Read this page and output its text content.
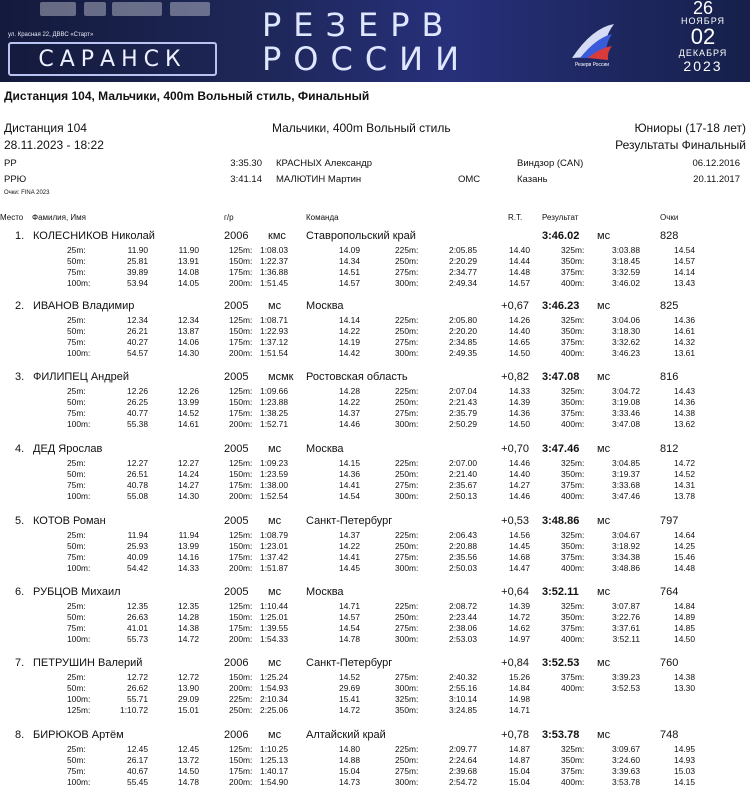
ул. Красная 22, ДВВС «Старт»
САРАНСК
РЕЗЕРВ
РОССИИ	Резерв России
26
НОЯБРЯ
02
ДЕКАБРЯ
2023
Дистанция 104, Мальчики, 400m Вольный стиль, Финальный
Дистанция 104	Мальчики, 400m Вольный стиль	Юниоры (17-18 лет)
28.11.2023 - 18:22	Результаты Финальный
РР	3:35.30 КРАСНЫХ Александр	Виндзор (CAN)	06.12.2016
РРЮ	3:41.14 МАЛЮТИН Мартин	ОМС	Казань	20.11.2017
Очки: FINA 2023
Место Фамилия, Имя	г/р	Команда	R.T. Результат	Очки
1. КОЛЕСНИКОВ Николай	2006 кмс Ставропольский край	3:46.02 мс	828
25m:	11.90	11.90	125m: 1:08.03	14.09	225m:	2:05.85	14.40	325m:	3:03.88	14.54
50m:	25.81	13.91	150m: 1:22.37	14.34	250m:	2:20.29	14.44	350m:	3:18.45	14.57
75m:	39.89	14.08	175m: 1:36.88	14.51	275m:	2:34.77	14.48	375m:	3:32.59	14.14
100m:	53.94	14.05	200m: 1:51.45	14.57	300m:	2:49.34	14.57	400m:	3:46.02	13.43
2. ИВАНОВ Владимир	2005 мс Москва	+0,67 3:46.23 мс	825
25m:	12.34	12.34	125m: 1:08.71	14.14	225m:	2:05.80	14.26	325m:	3:04.06	14.36
50m:	26.21	13.87	150m: 1:22.93	14.22	250m:	2:20.20	14.40	350m:	3:18.30	14.61
75m:	40.27	14.06	175m: 1:37.12	14.19	275m:	2:34.85	14.65	375m:	3:32.62	14.32
100m:	54.57	14.30	200m: 1:51.54	14.42	300m:	2:49.35	14.50	400m:	3:46.23	13.61
3. ФИЛИПЕЦ Андрей	2005 мсмк Ростовская область	+0,82 3:47.08 мс	816
25m:	12.26	12.26	125m: 1:09.66	14.28	225m:	2:07.04	14.33	325m:	3:04.72	14.43
50m:	26.25	13.99	150m: 1:23.88	14.22	250m:	2:21.43	14.39	350m:	3:19.08	14.36
75m:	40.77	14.52	175m: 1:38.25	14.37	275m:	2:35.79	14.36	375m:	3:33.46	14.38
100m:	55.38	14.61	200m: 1:52.71	14.46	300m:	2:50.29	14.50	400m:	3:47.08	13.62
4. ДЕД Ярослав	2005 мс Москва	+0,70 3:47.46 мс	812
25m:	12.27	12.27	125m: 1:09.23	14.15	225m:	2:07.00	14.46	325m:	3:04.85	14.72
50m:	26.51	14.24	150m: 1:23.59	14.36	250m:	2:21.40	14.40	350m:	3:19.37	14.52
75m:	40.78	14.27	175m: 1:38.00	14.41	275m:	2:35.67	14.27	375m:	3:33.68	14.31
100m:	55.08	14.30	200m: 1:52.54	14.54	300m:	2:50.13	14.46	400m:	3:47.46	13.78
5. КОТОВ Роман	2005 мс Санкт-Петербург	+0,53 3:48.86 мс	797
25m:	11.94	11.94	125m: 1:08.79	14.37	225m:	2:06.43	14.56	325m:	3:04.67	14.64
50m:	25.93	13.99	150m: 1:23.01	14.22	250m:	2:20.88	14.45	350m:	3:18.92	14.25
75m:	40.09	14.16	175m: 1:37.42	14.41	275m:	2:35.56	14.68	375m:	3:34.38	15.46
100m:	54.42	14.33	200m: 1:51.87	14.45	300m:	2:50.03	14.47	400m:	3:48.86	14.48
6. РУБЦОВ Михаил	2005 мс Москва	+0,64 3:52.11 мс	764
25m:	12.35	12.35	125m: 1:10.44	14.71	225m:	2:08.72	14.39	325m:	3:07.87	14.84
50m:	26.63	14.28	150m: 1:25.01	14.57	250m:	2:23.44	14.72	350m:	3:22.76	14.89
75m:	41.01	14.38	175m: 1:39.55	14.54	275m:	2:38.06	14.62	375m:	3:37.61	14.85
100m:	55.73	14.72	200m: 1:54.33	14.78	300m:	2:53.03	14.97	400m:	3:52.11	14.50
7. ПЕТРУШИН Валерий	2006 мс Санкт-Петербург	+0,84 3:52.53 мс	760
25m:	12.72	12.72	150m: 1:25.24	14.52	275m:	2:40.32	15.26	375m:	3:39.23	14.38
50m:	26.62	13.90	200m: 1:54.93	29.69	300m:	2:55.16	14.84	400m:	3:52.53	13.30
100m:	55.71	29.09	225m: 2:10.34	15.41	325m:	3:10.14	14.98
125m:	1:10.72	15.01	250m: 2:25.06	14.72	350m:	3:24.85	14.71
8. БИРЮКОВ Артём	2006 мс Алтайский край	+0,78 3:53.78 мс	748
25m:	12.45	12.45	125m: 1:10.25	14.80	225m:	2:09.77	14.87	325m:	3:09.67	14.95
50m:	26.17	13.72	150m: 1:25.13	14.88	250m:	2:24.64	14.87	350m:	3:24.60	14.93
75m:	40.67	14.50	175m: 1:40.17	15.04	275m:	2:39.68	15.04	375m:	3:39.63	15.03
100m:	55.45	14.78	200m: 1:54.90	14.73	300m:	2:54.72	15.04	400m:	3:53.78	14.15
